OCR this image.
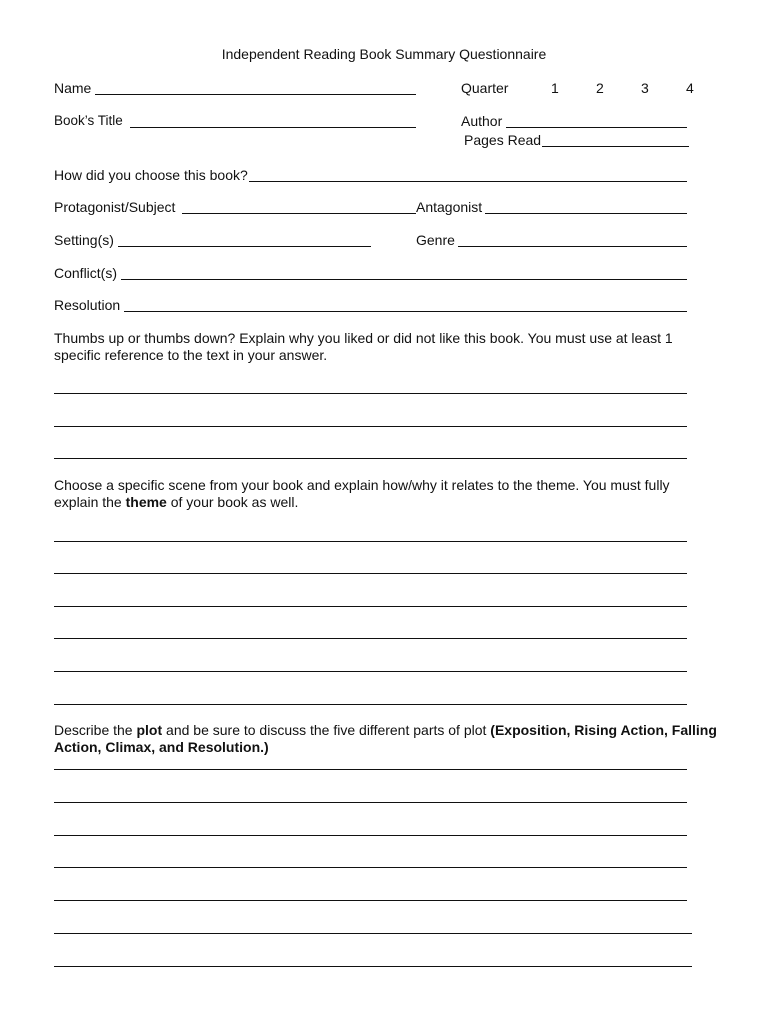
Independent Reading Book Summary Questionnaire
Name	Quarter	1	2	3	4
Book’s Title	Author
Pages Read
How did you choose this book?
Protagonist/Subject	Antagonist
Setting(s)	Genre
Conflict(s)
Resolution
Thumbs up or thumbs down? Explain why you liked or did not like this book. You must use at least 1 specific reference to the text in your answer.
Choose a specific scene from your book and explain how/why it relates to the theme. You must fully explain the theme of your book as well.
Describe the plot and be sure to discuss the five different parts of plot (Exposition, Rising Action, Falling Action, Climax, and Resolution.)
